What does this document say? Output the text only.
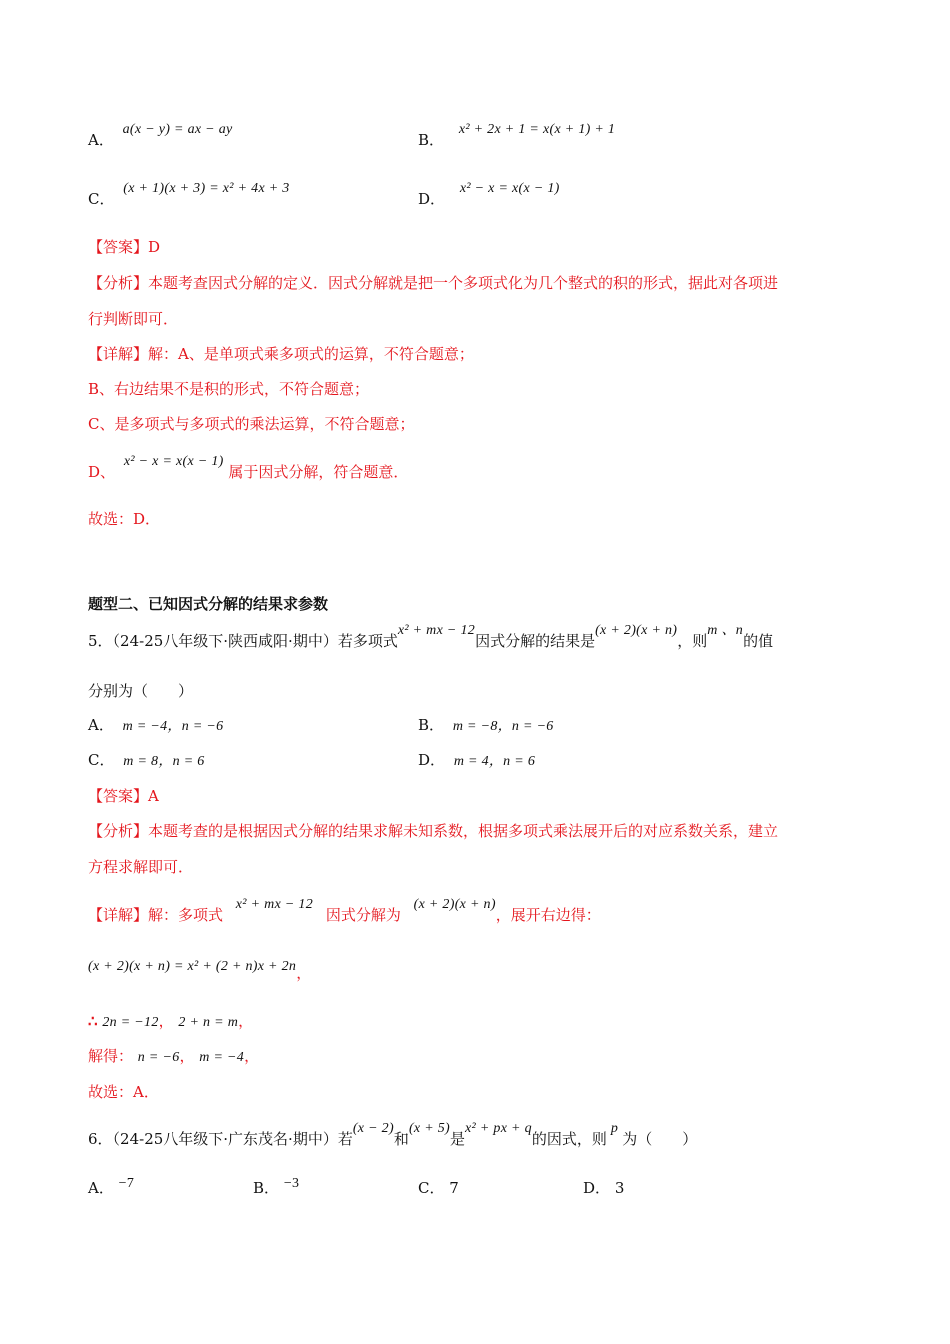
A． a(x − y) = ax − ay
B． x² + 2x + 1 = x(x + 1) + 1
C． (x + 1)(x + 3) = x² + 4x + 3
D． x² − x = x(x − 1)
【答案】D
【分析】本题考查因式分解的定义．因式分解就是把一个多项式化为几个整式的积的形式，据此对各项进
行判断即可．
【详解】解：A、是单项式乘多项式的运算，不符合题意；
B、右边结果不是积的形式，不符合题意；
C、是多项式与多项式的乘法运算，不符合题意；
D、 x² − x = x(x − 1) 属于因式分解，符合题意．
故选：D．
题型二、已知因式分解的结果求参数
5．（24-25八年级下·陕西咸阳·期中）若多项式x² + mx − 12因式分解的结果是(x + 2)(x + n)，则m 、n的值
分别为（　　）
A． m = −4，n = −6	B． m = −8，n = −6
C． m = 8，n = 6	D． m = 4，n = 6
【答案】A
【分析】本题考查的是根据因式分解的结果求解未知系数，根据多项式乘法展开后的对应系数关系，建立
方程求解即可．
【详解】解：多项式 x² + mx − 12 因式分解为 (x + 2)(x + n)，展开右边得：
(x + 2)(x + n) = x² + (2 + n)x + 2n，
∴ 2n = −12， 2 + n = m，
解得： n = −6， m = −4，
故选：A．
6．（24-25八年级下·广东茂名·期中）若(x − 2)和(x + 5)是x² + px + q的因式，则p为（　　）
A． −7	B． −3	C． 7	D． 3
